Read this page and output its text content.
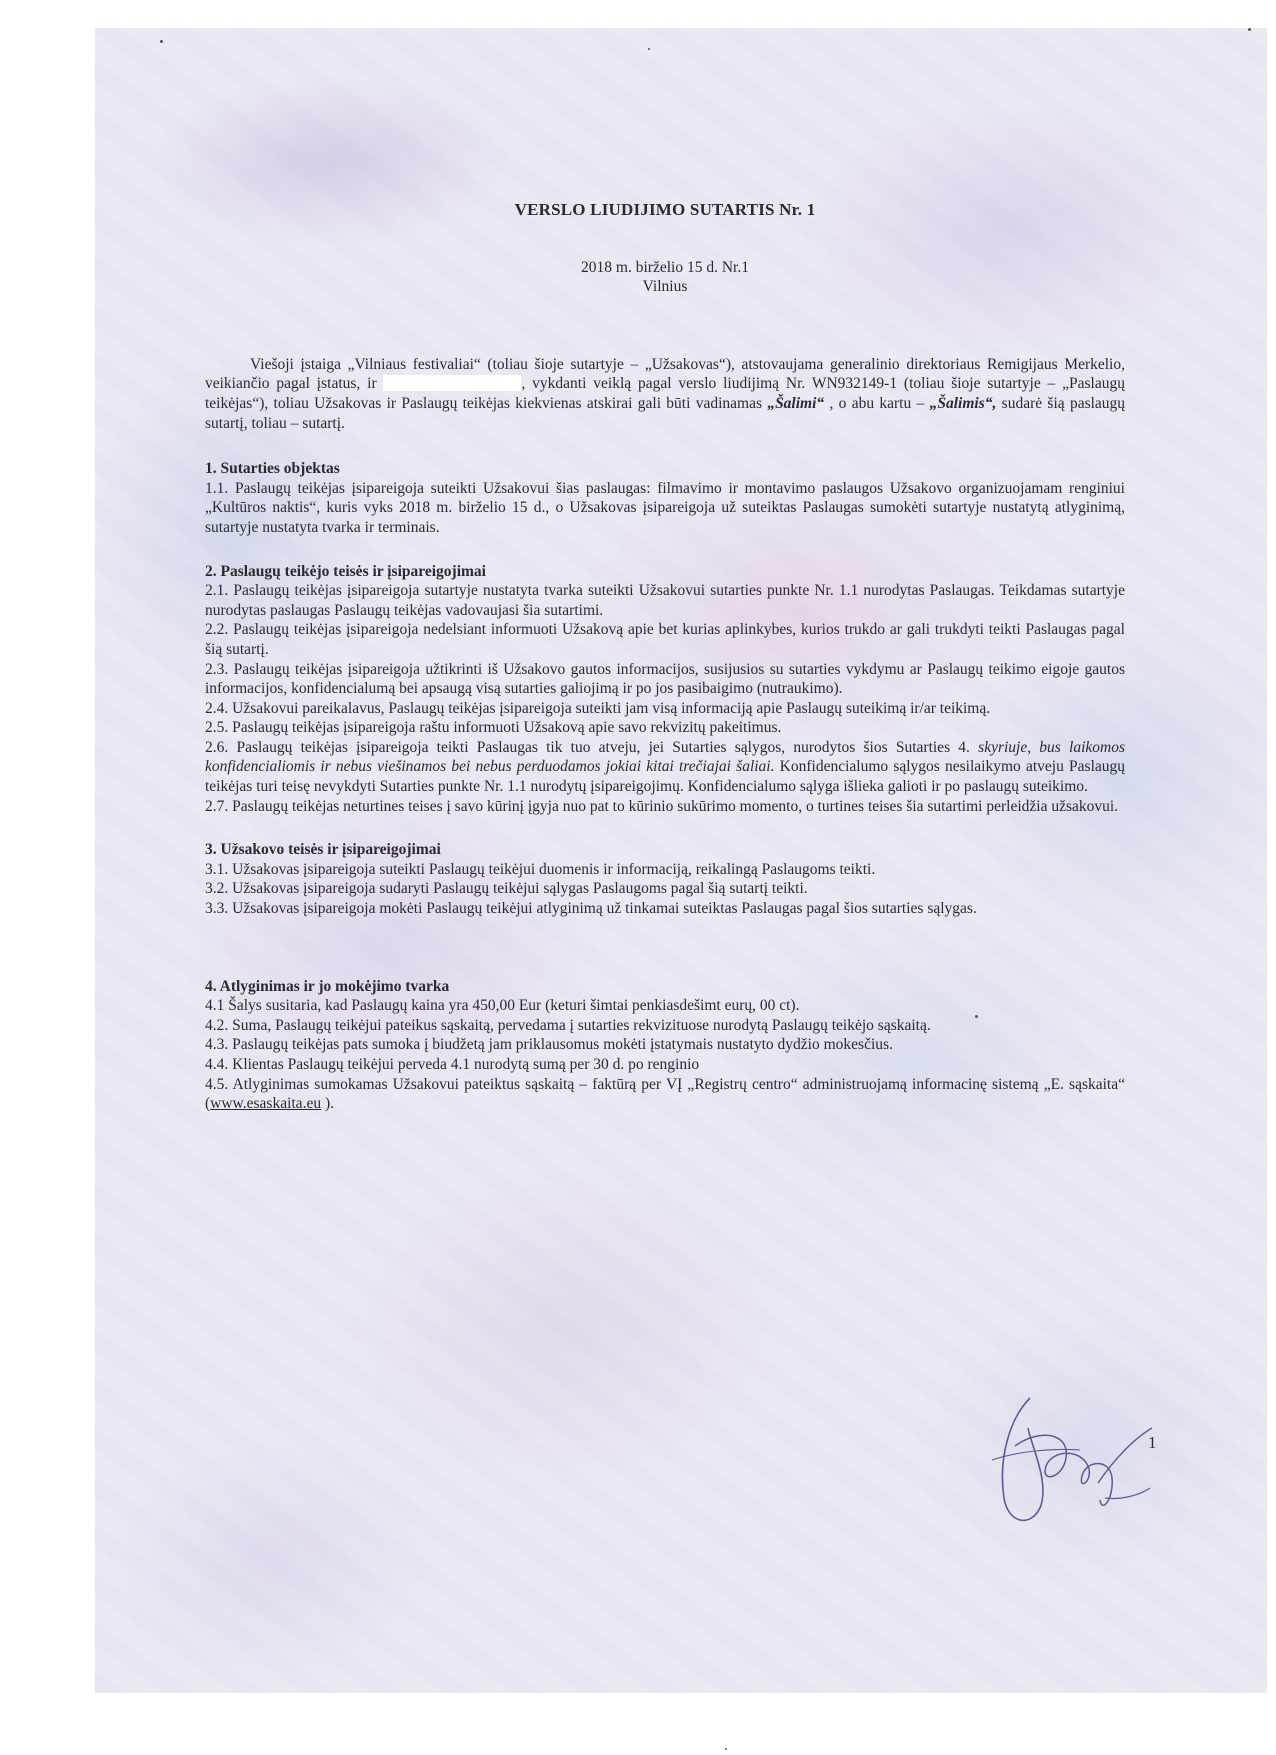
VERSLO LIUDIJIMO SUTARTIS Nr. 1

2018 m. birželio 15 d. Nr.1

Vilnius

Viešoji įstaiga „Vilniaus festivaliai“ (toliau šioje sutartyje – „Užsakovas“), atstovaujama generalinio direktoriaus Remigijaus Merkelio, veikiančio pagal įstatus, ir	, vykdanti veiklą pagal verslo liudijimą Nr. WN932149-1 (toliau šioje sutartyje – „Paslaugų teikėjas“), toliau Užsakovas ir Paslaugų teikėjas kiekvienas atskirai gali būti vadinamas „Šalimi“ , o abu kartu – „Šalimis“, sudarė šią paslaugų sutartį, toliau – sutartį.

1. Sutarties objektas

1.1. Paslaugų teikėjas įsipareigoja suteikti Užsakovui šias paslaugas: filmavimo ir montavimo paslaugos Užsakovo organizuojamam renginiui „Kultūros naktis“, kuris vyks 2018 m. birželio 15 d., o Užsakovas įsipareigoja už suteiktas Paslaugas sumokėti sutartyje nustatytą atlyginimą, sutartyje nustatyta tvarka ir terminais.

2. Paslaugų teikėjo teisės ir įsipareigojimai

2.1. Paslaugų teikėjas įsipareigoja sutartyje nustatyta tvarka suteikti Užsakovui sutarties punkte Nr. 1.1 nurodytas Paslaugas. Teikdamas sutartyje nurodytas paslaugas Paslaugų teikėjas vadovaujasi šia sutartimi.

2.2. Paslaugų teikėjas įsipareigoja nedelsiant informuoti Užsakovą apie bet kurias aplinkybes, kurios trukdo ar gali trukdyti teikti Paslaugas pagal šią sutartį.

2.3. Paslaugų teikėjas įsipareigoja užtikrinti iš Užsakovo gautos informacijos, susijusios su sutarties vykdymu ar Paslaugų teikimo eigoje gautos informacijos, konfidencialumą bei apsaugą visą sutarties galiojimą ir po jos pasibaigimo (nutraukimo).

2.4. Užsakovui pareikalavus, Paslaugų teikėjas įsipareigoja suteikti jam visą informaciją apie Paslaugų suteikimą ir/ar teikimą.

2.5. Paslaugų teikėjas įsipareigoja raštu informuoti Užsakovą apie savo rekvizitų pakeitimus.

2.6. Paslaugų teikėjas įsipareigoja teikti Paslaugas tik tuo atveju, jei Sutarties sąlygos, nurodytos šios Sutarties 4. skyriuje, bus laikomos konfidencialiomis ir nebus viešinamos bei nebus perduodamos jokiai kitai trečiajai šaliai. Konfidencialumo sąlygos nesilaikymo atveju Paslaugų teikėjas turi teisę nevykdyti Sutarties punkte Nr. 1.1 nurodytų įsipareigojimų. Konfidencialumo sąlyga išlieka galioti ir po paslaugų suteikimo.

2.7. Paslaugų teikėjas neturtines teises į savo kūrinį įgyja nuo pat to kūrinio sukūrimo momento, o turtines teises šia sutartimi perleidžia užsakovui.

3. Užsakovo teisės ir įsipareigojimai

3.1. Užsakovas įsipareigoja suteikti Paslaugų teikėjui duomenis ir informaciją, reikalingą Paslaugoms teikti.

3.2. Užsakovas įsipareigoja sudaryti Paslaugų teikėjui sąlygas Paslaugoms pagal šią sutartį teikti.

3.3. Užsakovas įsipareigoja mokėti Paslaugų teikėjui atlyginimą už tinkamai suteiktas Paslaugas pagal šios sutarties sąlygas.

4. Atlyginimas ir jo mokėjimo tvarka

4.1 Šalys susitaria, kad Paslaugų kaina yra 450,00 Eur (keturi šimtai penkiasdešimt eurų, 00 ct).

4.2. Suma, Paslaugų teikėjui pateikus sąskaitą, pervedama į sutarties rekvizituose nurodytą Paslaugų teikėjo sąskaitą.

4.3. Paslaugų teikėjas pats sumoka į biudžetą jam priklausomus mokėti įstatymais nustatyto dydžio mokesčius.

4.4. Klientas Paslaugų teikėjui perveda 4.1 nurodytą sumą per 30 d. po renginio

4.5. Atlyginimas sumokamas Užsakovui pateiktus sąskaitą – faktūrą per VĮ „Registrų centro“ administruojamą informacinę sistemą „E. sąskaita“ (www.esaskaita.eu ).

1
